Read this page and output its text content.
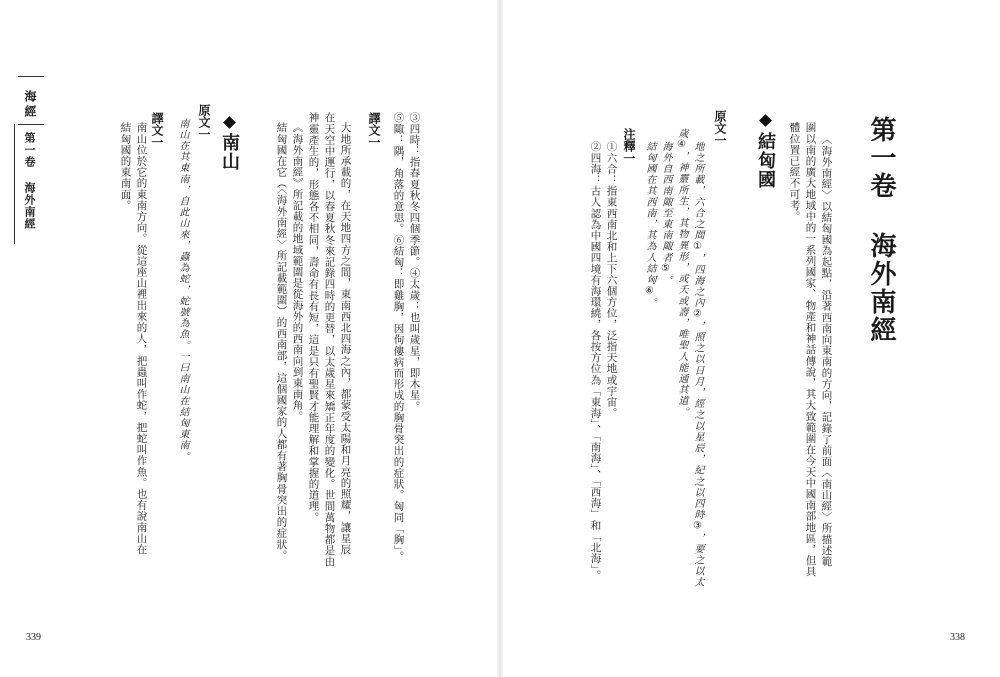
海經
第一卷 海外南經	結匈國的東南面。 南山位於它的東南方向。從這座山裡出來的人，把蟲叫作蛇，把蛇叫作魚。也有說南山在 譯文一 南山在其東南，自此山來，蟲為蛇，蛇號為魚。一曰南山在結匈東南。 原文一
南山	結匈國在它（〈海外南經〉所記載範圍）的西南部，這個國家的人都有著胸骨突出的症狀。 《海外南經》所記載的地域範圍是從海外的西南向到東南角。 神靈產生的，形態各不相同，壽命有長有短，這是只有聖賢才能理解和掌握的道理。 在天空中運行，以春夏秋冬來記錄四時的更替，以太歲星來矯正年度的變化。世間萬物都是由 大地所承載的，在天地四方之間，東南西北四海之內，都蒙受太陽和月亮的照耀，讓星辰 譯文一 ⑤陬：隅，角落的意思。⑥結匈：即雞胸，因佝僂病而形成的胸骨突出的症狀。匈同「胸」。 ③四時：指春夏秋冬四個季節。④太歲：也叫歲星，即木星。
339
②四海：古人認為中國四境有海環繞，各按方位為「東海」、「南海」、「西海」和「北海」。 ①六合：指東西南北和上下六個方位，泛指天地或宇宙。 注釋一 結匈國在其西南，其為人結匈⑥。 海外自西南陬至東南陬者⑤。 歲④，神靈所生，其物異形，或夭或壽，唯聖人能通其道。 地之所載，六合之間①，四海之內②，照之以日月，經之以星辰，紀之以四時③，要之以太
原文一
結匈國 體位置已經不可考。 圍以南的廣大地域中的一系列國家、物產和神話傳說，其大致範圍在今天中國南部地區，但具 〈海外南經〉以結匈國為起點，沿著西南向東南的方向，記錄了前面〈南山經〉所描述範 第一卷 海外南經
338
